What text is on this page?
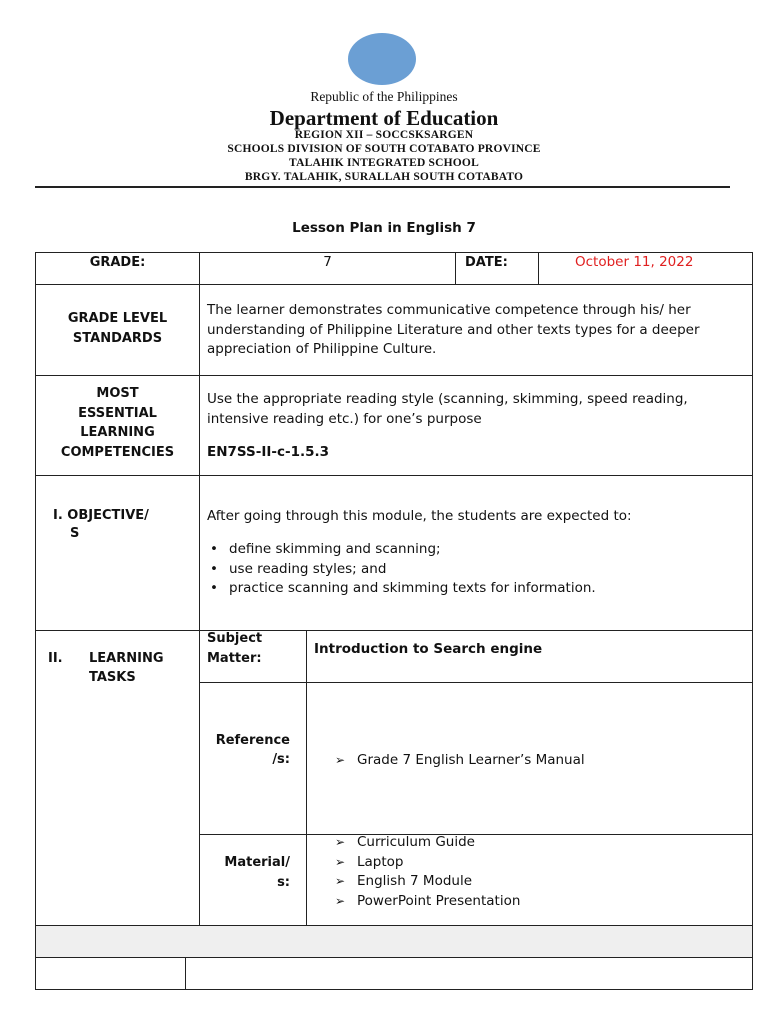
Republic of the Philippines
Department of Education
REGION XII – SOCCSKSARGEN
SCHOOLS DIVISION OF SOUTH COTABATO PROVINCE
TALAHIK INTEGRATED SCHOOL
BRGY. TALAHIK, SURALLAH SOUTH COTABATO
Lesson Plan in English 7
GRADE:	7	DATE:	October 11, 2022
GRADE LEVEL
STANDARDS
The learner demonstrates communicative competence through his/ her understanding of Philippine Literature and other texts types for a deeper appreciation of Philippine Culture.
MOST
ESSENTIAL
LEARNING
COMPETENCIES
Use the appropriate reading style (scanning, skimming, speed reading, intensive reading etc.) for one’s purpose
EN7SS-II-c-1.5.3
I. OBJECTIVE/
S
After going through this module, the students are expected to:
• define skimming and scanning;
• use reading styles; and
• practice scanning and skimming texts for information.
II. LEARNING
TASKS
Subject
Matter:
Introduction to Search engine
Reference
/s:
➢	Grade 7 English Learner’s Manual
Material/
s:
➢ Curriculum Guide
➢ Laptop
➢ English 7 Module
➢ PowerPoint Presentation
